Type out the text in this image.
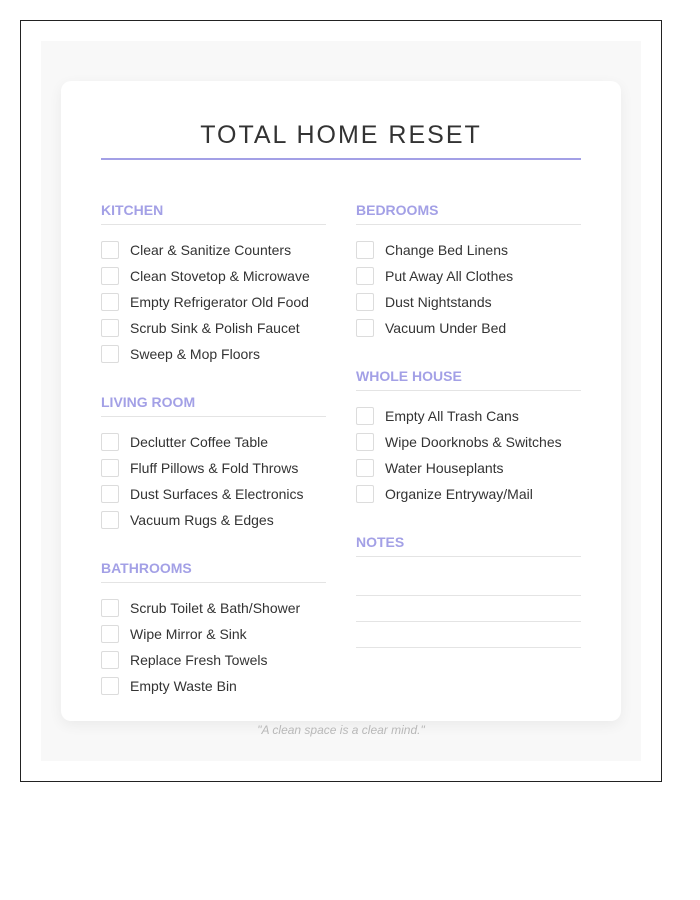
TOTAL HOME RESET
KITCHEN
Clear & Sanitize Counters
Clean Stovetop & Microwave
Empty Refrigerator Old Food
Scrub Sink & Polish Faucet
Sweep & Mop Floors
LIVING ROOM
Declutter Coffee Table
Fluff Pillows & Fold Throws
Dust Surfaces & Electronics
Vacuum Rugs & Edges
BATHROOMS
Scrub Toilet & Bath/Shower
Wipe Mirror & Sink
Replace Fresh Towels
Empty Waste Bin
BEDROOMS
Change Bed Linens
Put Away All Clothes
Dust Nightstands
Vacuum Under Bed
WHOLE HOUSE
Empty All Trash Cans
Wipe Doorknobs & Switches
Water Houseplants
Organize Entryway/Mail
NOTES
"A clean space is a clear mind."
